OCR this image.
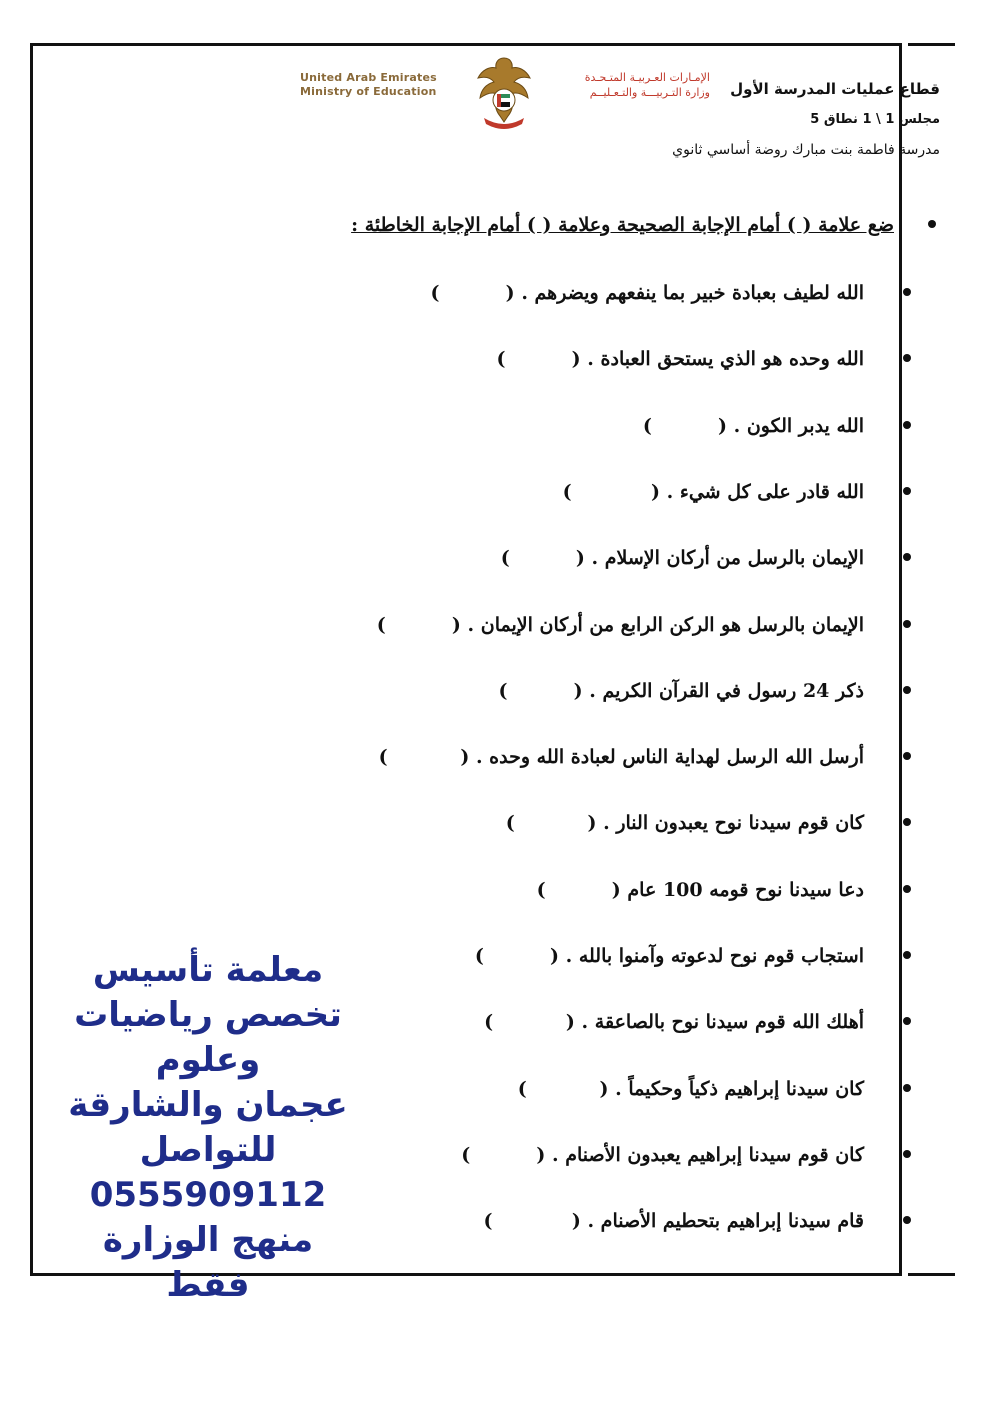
United Arab Emirates
Ministry of Education
الإمـارات العـربيـة المتـحـدة
وزارة التـربيـــة والتـعـليــم قطاع عمليات المدرسة الأول
مجلس 1 \ 1 نطاق 5
مدرسة فاطمة بنت مبارك روضة أساسي ثانوي
ضع علامة ( ) أمام الإجابة الصحيحة وعلامة ( ) أمام الإجابة الخاطئة :
الله لطيف بعبادة خبير بما ينفعهم ويضرهم . (          )
الله وحده هو الذي يستحق العبادة . (          )
الله يدبر الكون . (          )
الله قادر على كل شيء . (            )
الإيمان بالرسل من أركان الإسلام . (          )
الإيمان بالرسل هو الركن الرابع من أركان الإيمان . (          )
ذكر 24 رسول في القرآن الكريم . (          )
أرسل الله الرسل لهداية الناس لعبادة الله وحده . (           )
كان قوم سيدنا نوح يعبدون النار . (           )
دعا سيدنا نوح قومه 100 عام (          )
استجاب قوم نوح لدعوته وآمنوا بالله . (          )
أهلك الله قوم سيدنا نوح بالصاعقة . (           )
كان سيدنا إبراهيم ذكياً وحكيماً . (           )
كان قوم سيدنا إبراهيم يعبدون الأصنام . (          )
قام سيدنا إبراهيم بتحطيم الأصنام . (            )
معلمة تأسيس
تخصص رياضيات
وعلوم
عجمان والشارقة
للتواصل
0555909112
منهج الوزارة فقط
